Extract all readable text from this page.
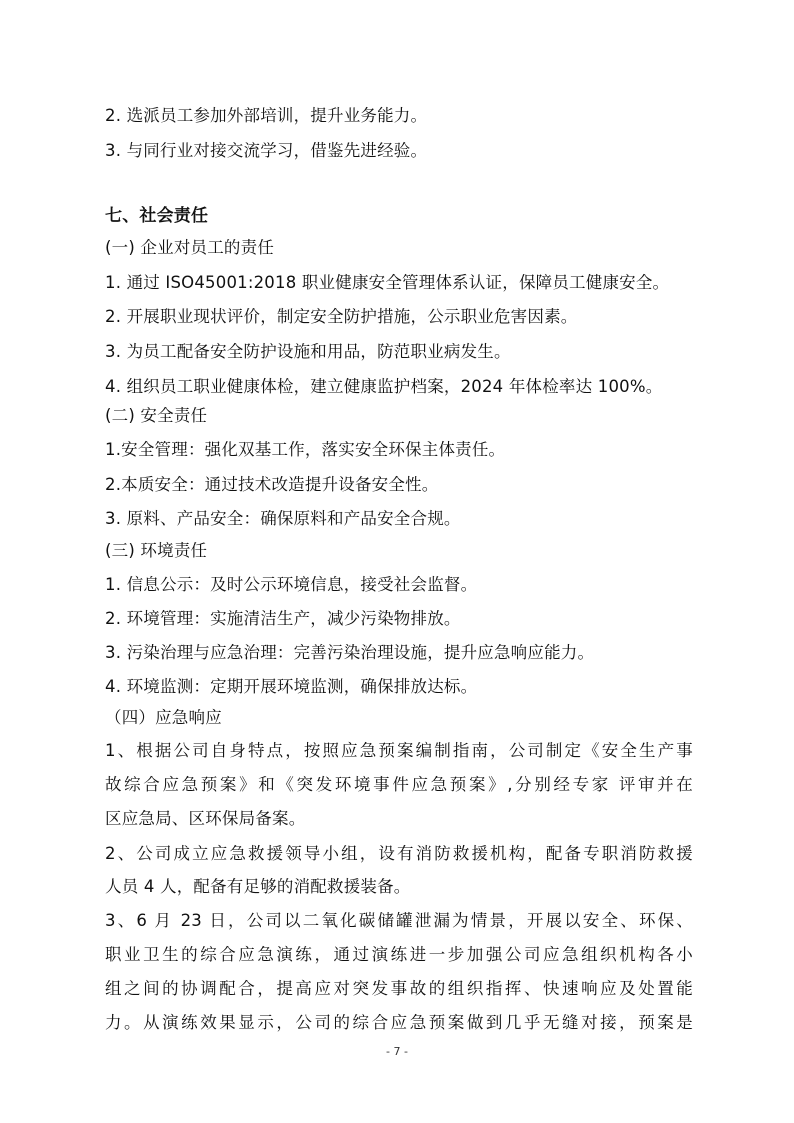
2. 选派员工参加外部培训，提升业务能力。
3. 与同行业对接交流学习，借鉴先进经验。
七、社会责任
(一) 企业对员工的责任
1. 通过 ISO45001:2018 职业健康安全管理体系认证，保障员工健康安全。
2. 开展职业现状评价，制定安全防护措施，公示职业危害因素。
3. 为员工配备安全防护设施和用品，防范职业病发生。
4. 组织员工职业健康体检，建立健康监护档案，2024 年体检率达 100%。
(二) 安全责任
1.安全管理：强化双基工作，落实安全环保主体责任。
2.本质安全：通过技术改造提升设备安全性。
3. 原料、产品安全：确保原料和产品安全合规。
(三) 环境责任
1. 信息公示：及时公示环境信息，接受社会监督。
2. 环境管理：实施清洁生产，减少污染物排放。
3. 污染治理与应急治理：完善污染治理设施，提升应急响应能力。
4. 环境监测：定期开展环境监测，确保排放达标。
（四）应急响应
1、根据公司自身特点，按照应急预案编制指南，公司制定《安全生产事
故综合应急预案》和《突发环境事件应急预案》,分别经专家 评审并在
区应急局、区环保局备案。
2、公司成立应急救援领导小组，设有消防救援机构，配备专职消防救援
人员 4 人，配备有足够的消配救援装备。
3、6 月 23 日，公司以二氧化碳储罐泄漏为情景，开展以安全、环保、
职业卫生的综合应急演练，通过演练进一步加强公司应急组织机构各小
组之间的协调配合，提高应对突发事故的组织指挥、快速响应及处置能
力。从演练效果显示，公司的综合应急预案做到几乎无缝对接，预案是
- 7 -
